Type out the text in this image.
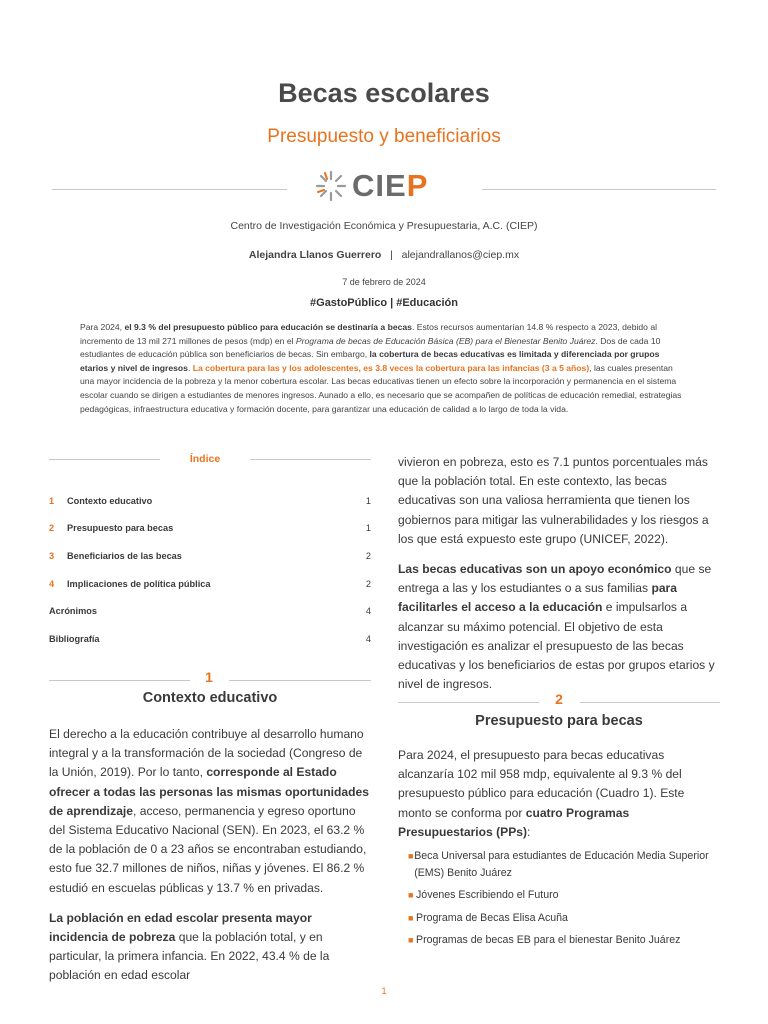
Becas escolares
Presupuesto y beneficiarios
CIEP
Centro de Investigación Económica y Presupuestaria, A.C. (CIEP)
Alejandra Llanos Guerrero | alejandrallanos@ciep.mx
7 de febrero de 2024
#GastoPúblico | #Educación
Para 2024, el 9.3 % del presupuesto público para educación se destinaría a becas. Estos recursos aumentarían 14.8 % respecto a 2023, debido al incremento de 13 mil 271 millones de pesos (mdp) en el Programa de becas de Educación Básica (EB) para el Bienestar Benito Juárez. Dos de cada 10 estudiantes de educación pública son beneficiarios de becas. Sin embargo, la cobertura de becas educativas es limitada y diferenciada por grupos etarios y nivel de ingresos. La cobertura para las y los adolescentes, es 3.8 veces la cobertura para las infancias (3 a 5 años), las cuales presentan una mayor incidencia de la pobreza y la menor cobertura escolar. Las becas educativas tienen un efecto sobre la incorporación y permanencia en el sistema escolar cuando se dirigen a estudiantes de menores ingresos. Aunado a ello, es necesario que se acompañen de políticas de educación remedial, estrategias pedagógicas, infraestructura educativa y formación docente, para garantizar una educación de calidad a lo largo de toda la vida.
Índice
1	Contexto educativo	1
2	Presupuesto para becas	1
3	Beneficiarios de las becas	2
4	Implicaciones de política pública	2
Acrónimos	4
Bibliografía	4
1
Contexto educativo

El derecho a la educación contribuye al desarrollo humano integral y a la transformación de la sociedad (Congreso de la Unión, 2019). Por lo tanto, corresponde al Estado ofrecer a todas las personas las mismas oportunidades de aprendizaje, acceso, permanencia y egreso oportuno del Sistema Educativo Nacional (SEN). En 2023, el 63.2 % de la población de 0 a 23 años se encontraban estudiando, esto fue 32.7 millones de niños, niñas y jóvenes. El 86.2 % estudió en escuelas públicas y 13.7 % en privadas.

La población en edad escolar presenta mayor incidencia de pobreza que la población total, y en particular, la primera infancia. En 2022, 43.4 % de la población en edad escolar

vivieron en pobreza, esto es 7.1 puntos porcentuales más que la población total. En este contexto, las becas educativas son una valiosa herramienta que tienen los gobiernos para mitigar las vulnerabilidades y los riesgos a los que está expuesto este grupo (UNICEF, 2022).

Las becas educativas son un apoyo económico que se entrega a las y los estudiantes o a sus familias para facilitarles el acceso a la educación e impulsarlos a alcanzar su máximo potencial. El objetivo de esta investigación es analizar el presupuesto de las becas educativas y los beneficiarios de estas por grupos etarios y nivel de ingresos.

2
Presupuesto para becas

Para 2024, el presupuesto para becas educativas alcanzaría 102 mil 958 mdp, equivalente al 9.3 % del presupuesto público para educación (Cuadro 1). Este monto se conforma por cuatro Programas Presupuestarios (PPs):

■ Beca Universal para estudiantes de Educación Media Superior (EMS) Benito Juárez
■ Jóvenes Escribiendo el Futuro
■ Programa de Becas Elisa Acuña
■ Programas de becas EB para el bienestar Benito Juárez
1
